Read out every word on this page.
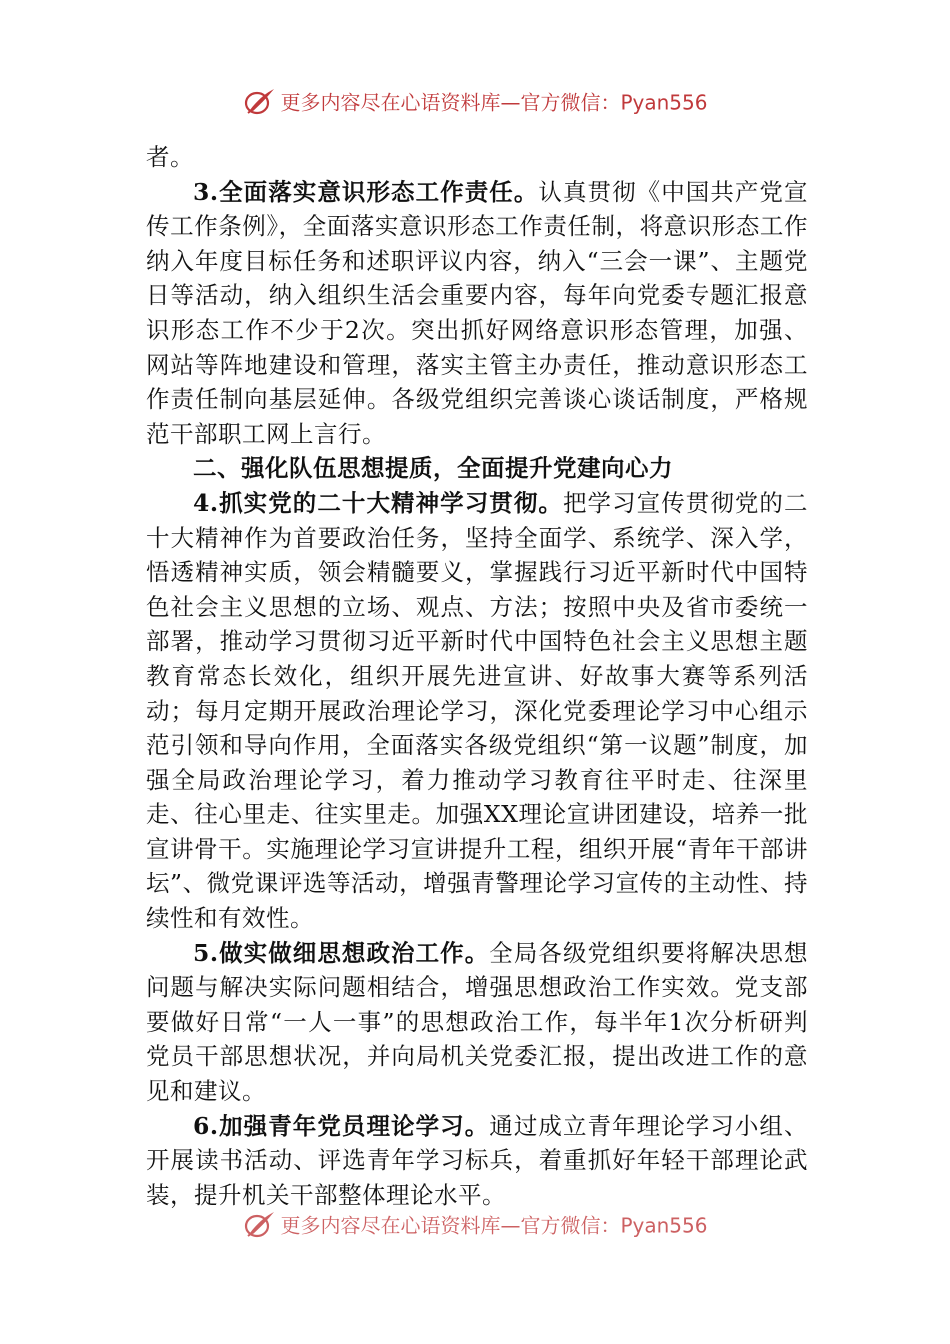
更多内容尽在心语资料库—官方微信：Pyan556

者。

3.全面落实意识形态工作责任。认真贯彻《中国共产党宣传工作条例》，全面落实意识形态工作责任制，将意识形态工作纳入年度目标任务和述职评议内容，纳入“三会一课”、主题党日等活动，纳入组织生活会重要内容，每年向党委专题汇报意识形态工作不少于2次。突出抓好网络意识形态管理，加强、网站等阵地建设和管理，落实主管主办责任，推动意识形态工作责任制向基层延伸。各级党组织完善谈心谈话制度，严格规范干部职工网上言行。

二、强化队伍思想提质，全面提升党建向心力

4.抓实党的二十大精神学习贯彻。把学习宣传贯彻党的二十大精神作为首要政治任务，坚持全面学、系统学、深入学，悟透精神实质，领会精髓要义，掌握践行习近平新时代中国特色社会主义思想的立场、观点、方法；按照中央及省市委统一部署，推动学习贯彻习近平新时代中国特色社会主义思想主题教育常态长效化，组织开展先进宣讲、好故事大赛等系列活动；每月定期开展政治理论学习，深化党委理论学习中心组示范引领和导向作用，全面落实各级党组织“第一议题”制度，加强全局政治理论学习，着力推动学习教育往平时走、往深里走、往心里走、往实里走。加强XX理论宣讲团建设，培养一批宣讲骨干。实施理论学习宣讲提升工程，组织开展“青年干部讲坛”、微党课评选等活动，增强青警理论学习宣传的主动性、持续性和有效性。

5.做实做细思想政治工作。全局各级党组织要将解决思想问题与解决实际问题相结合，增强思想政治工作实效。党支部要做好日常“一人一事”的思想政治工作，每半年1次分析研判党员干部思想状况，并向局机关党委汇报，提出改进工作的意见和建议。

6.加强青年党员理论学习。通过成立青年理论学习小组、开展读书活动、评选青年学习标兵，着重抓好年轻干部理论武装，提升机关干部整体理论水平。

更多内容尽在心语资料库—官方微信：Pyan556
